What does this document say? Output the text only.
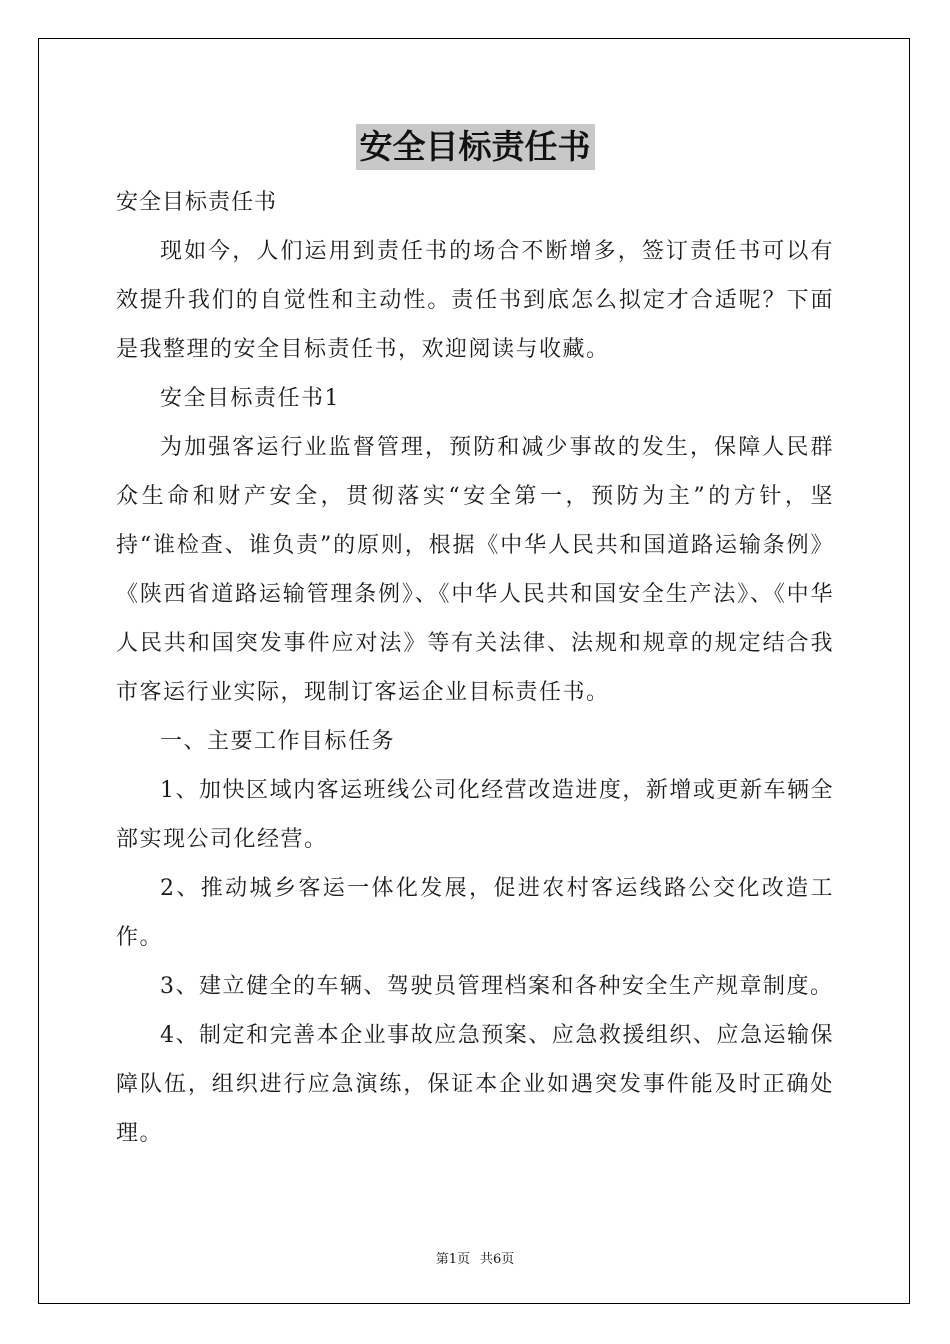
安全目标责任书

安全目标责任书

现如今，人们运用到责任书的场合不断增多，签订责任书可以有效提升我们的自觉性和主动性。责任书到底怎么拟定才合适呢？下面是我整理的安全目标责任书，欢迎阅读与收藏。

安全目标责任书1

为加强客运行业监督管理，预防和减少事故的发生，保障人民群众生命和财产安全，贯彻落实“安全第一，预防为主”的方针，坚持“谁检查、谁负责”的原则，根据《中华人民共和国道路运输条例》《陕西省道路运输管理条例》、《中华人民共和国安全生产法》、《中华人民共和国突发事件应对法》等有关法律、法规和规章的规定结合我市客运行业实际，现制订客运企业目标责任书。

一、主要工作目标任务

1、加快区域内客运班线公司化经营改造进度，新增或更新车辆全部实现公司化经营。

2、推动城乡客运一体化发展，促进农村客运线路公交化改造工作。

3、建立健全的车辆、驾驶员管理档案和各种安全生产规章制度。

4、制定和完善本企业事故应急预案、应急救援组织、应急运输保障队伍，组织进行应急演练，保证本企业如遇突发事件能及时正确处理。

第1页 共6页
